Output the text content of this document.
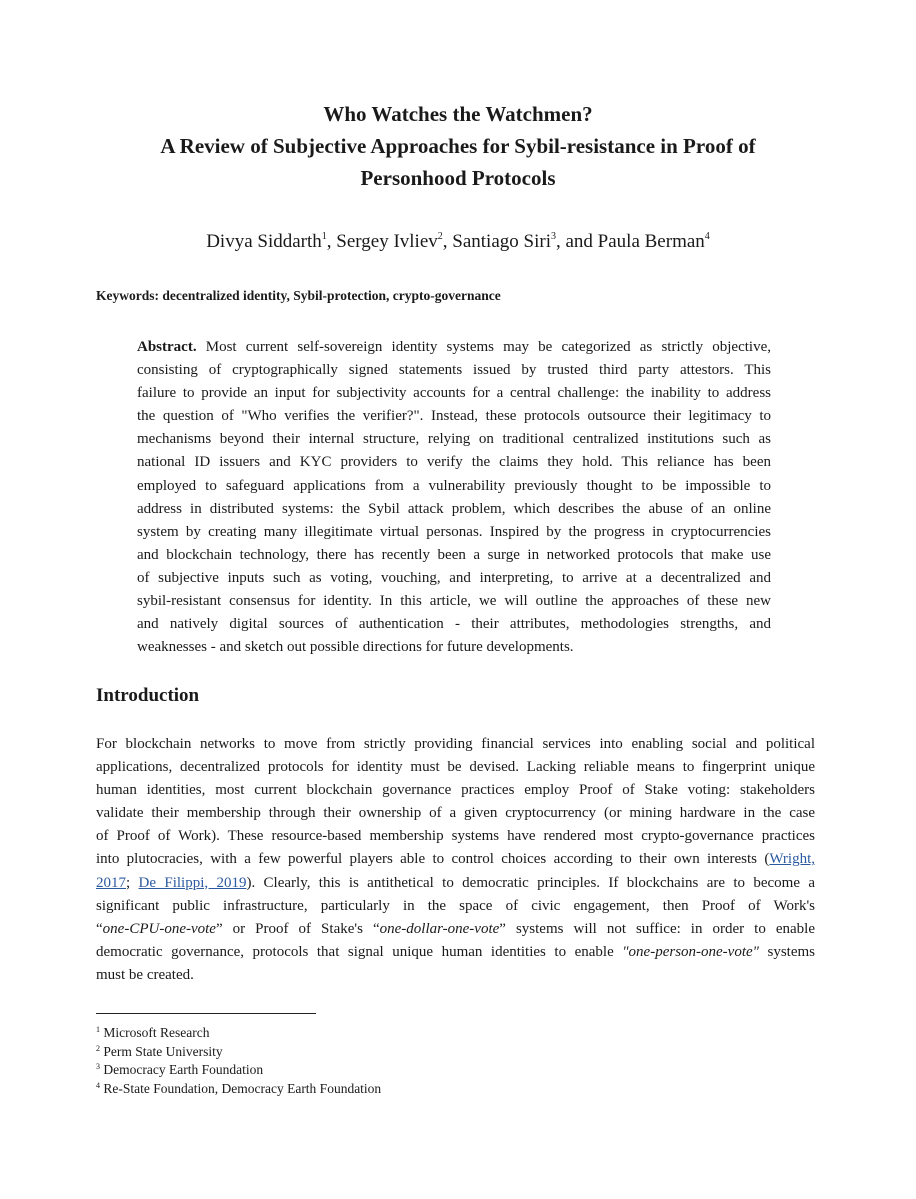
Who Watches the Watchmen?
A Review of Subjective Approaches for Sybil-resistance in Proof of
Personhood Protocols
Divya Siddarth$^1$, Sergey Ivliev$^2$, Santiago Siri$^3$, and Paula Berman$^4$
Keywords: decentralized identity, Sybil-protection, crypto-governance
Abstract. Most current self-sovereign identity systems may be categorized as strictly objective,
consisting of cryptographically signed statements issued by trusted third party attestors. This
failure to provide an input for subjectivity accounts for a central challenge: the inability to address
the question of "Who verifies the verifier?". Instead, these protocols outsource their legitimacy to
mechanisms beyond their internal structure, relying on traditional centralized institutions such as
national ID issuers and KYC providers to verify the claims they hold. This reliance has been
employed to safeguard applications from a vulnerability previously thought to be impossible to
address in distributed systems: the Sybil attack problem, which describes the abuse of an online
system by creating many illegitimate virtual personas. Inspired by the progress in cryptocurrencies
and blockchain technology, there has recently been a surge in networked protocols that make use
of subjective inputs such as voting, vouching, and interpreting, to arrive at a decentralized and
sybil-resistant consensus for identity. In this article, we will outline the approaches of these new
and natively digital sources of authentication - their attributes, methodologies strengths, and
weaknesses - and sketch out possible directions for future developments.
Introduction
For blockchain networks to move from strictly providing financial services into enabling social and political
applications, decentralized protocols for identity must be devised. Lacking reliable means to fingerprint unique
human identities, most current blockchain governance practices employ Proof of Stake voting: stakeholders
validate their membership through their ownership of a given cryptocurrency (or mining hardware in the case
of Proof of Work). These resource-based membership systems have rendered most crypto-governance practices
into plutocracies, with a few powerful players able to control choices according to their own interests (Wright,
2017; De Filippi, 2019). Clearly, this is antithetical to democratic principles. If blockchains are to become a
significant public infrastructure, particularly in the space of civic engagement, then Proof of Work's
“one-CPU-one-vote” or Proof of Stake's “one-dollar-one-vote” systems will not suffice: in order to enable
democratic governance, protocols that signal unique human identities to enable "one-person-one-vote" systems
must be created.
$^1$ Microsoft Research
$^2$ Perm State University
$^3$ Democracy Earth Foundation
$^4$ Re-State Foundation, Democracy Earth Foundation
